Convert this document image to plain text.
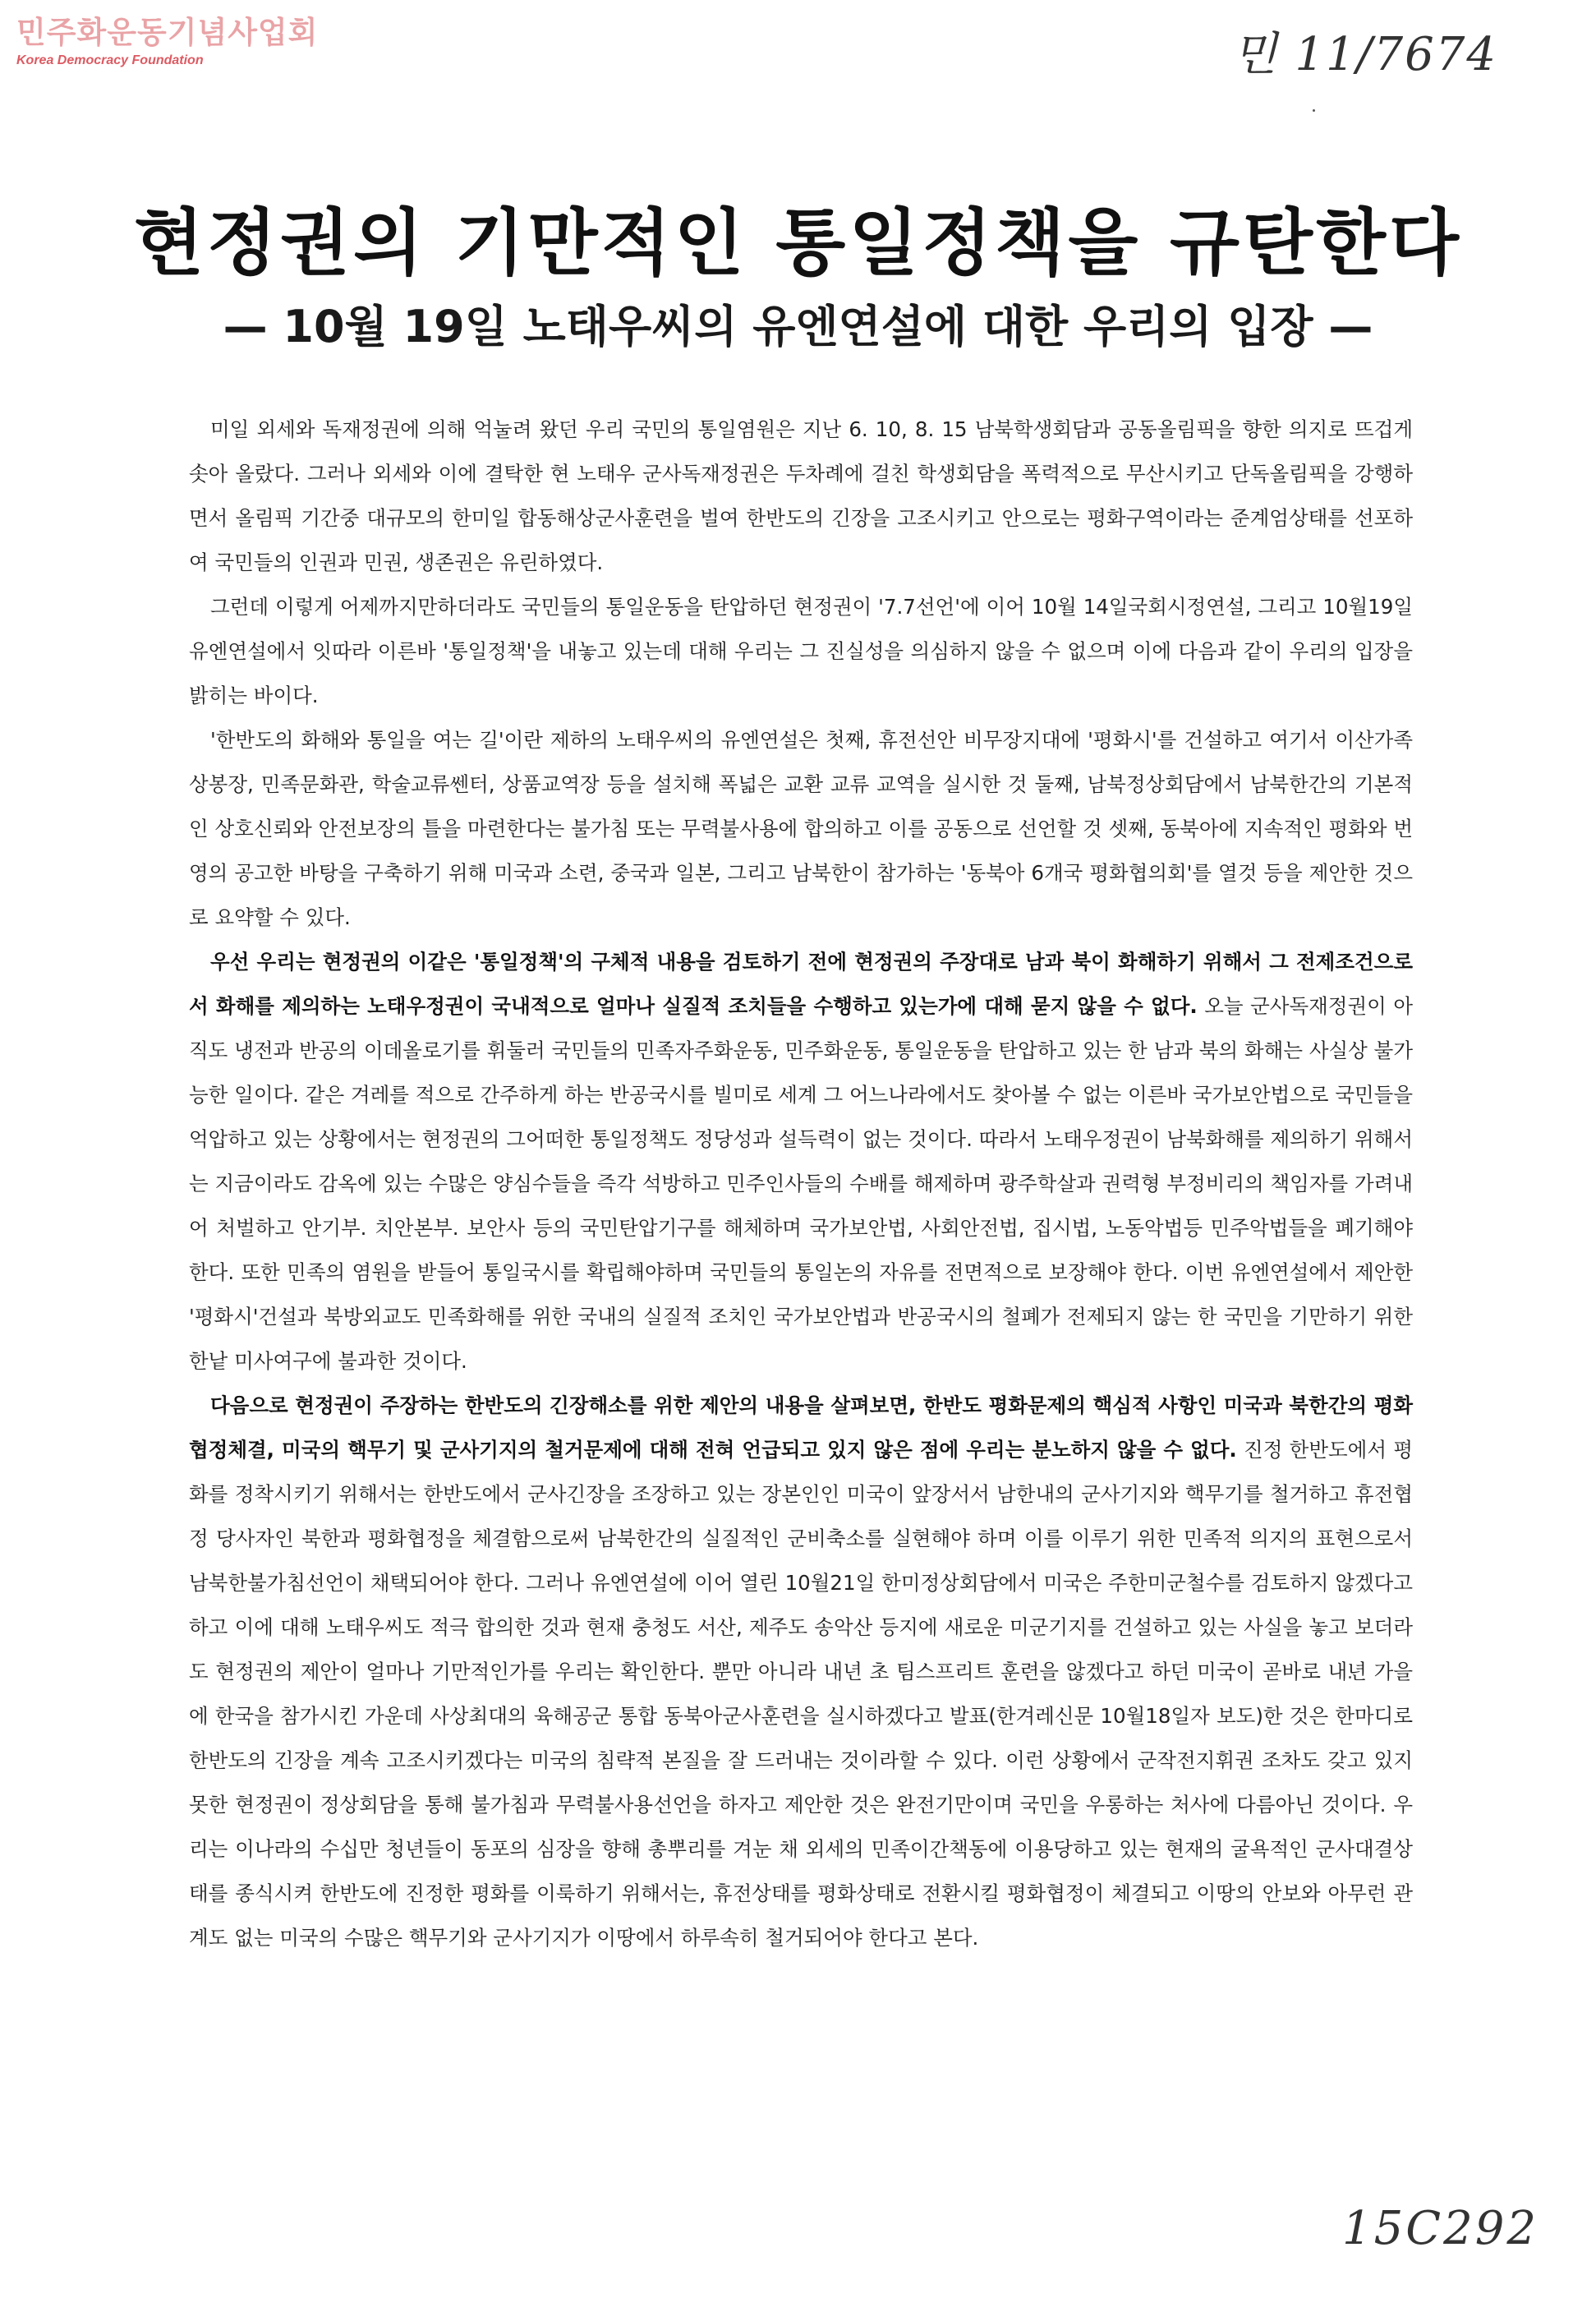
민주화운동기념사업회
Korea Democracy Foundation	민 11/7674
현정권의 기만적인 통일정책을 규탄한다
— 10월 19일 노태우씨의 유엔연설에 대한 우리의 입장 —

미일 외세와 독재정권에 의해 억눌려 왔던 우리 국민의 통일염원은 지난 6. 10, 8. 15 남북학생회담과 공동올림픽을 향한 의지로 뜨겁게 솟아 올랐다. 그러나 외세와 이에 결탁한 현 노태우 군사독재정권은 두차례에 걸친 학생회담을 폭력적으로 무산시키고 단독올림픽을 강행하면서 올림픽 기간중 대규모의 한미일 합동해상군사훈련을 벌여 한반도의 긴장을 고조시키고 안으로는 평화구역이라는 준계엄상태를 선포하여 국민들의 인권과 민권, 생존권은 유린하였다.

그런데 이렇게 어제까지만하더라도 국민들의 통일운동을 탄압하던 현정권이 '7.7선언'에 이어 10월 14일국회시정연설, 그리고 10월19일 유엔연설에서 잇따라 이른바 '통일정책'을 내놓고 있는데 대해 우리는 그 진실성을 의심하지 않을 수 없으며 이에 다음과 같이 우리의 입장을 밝히는 바이다.

'한반도의 화해와 통일을 여는 길'이란 제하의 노태우씨의 유엔연설은 첫째, 휴전선안 비무장지대에 '평화시'를 건설하고 여기서 이산가족 상봉장, 민족문화관, 학술교류쎈터, 상품교역장 등을 설치해 폭넓은 교환 교류 교역을 실시한 것 둘째, 남북정상회담에서 남북한간의 기본적인 상호신뢰와 안전보장의 틀을 마련한다는 불가침 또는 무력불사용에 합의하고 이를 공동으로 선언할 것 셋째, 동북아에 지속적인 평화와 번영의 공고한 바탕을 구축하기 위해 미국과 소련, 중국과 일본, 그리고 남북한이 참가하는 '동북아 6개국 평화협의회'를 열것 등을 제안한 것으로 요약할 수 있다.

우선 우리는 현정권의 이같은 '통일정책'의 구체적 내용을 검토하기 전에 현정권의 주장대로 남과 북이 화해하기 위해서 그 전제조건으로서 화해를 제의하는 노태우정권이 국내적으로 얼마나 실질적 조치들을 수행하고 있는가에 대해 묻지 않을 수 없다. 오늘 군사독재정권이 아직도 냉전과 반공의 이데올로기를 휘둘러 국민들의 민족자주화운동, 민주화운동, 통일운동을 탄압하고 있는 한 남과 북의 화해는 사실상 불가능한 일이다. 같은 겨레를 적으로 간주하게 하는 반공국시를 빌미로 세계 그 어느나라에서도 찾아볼 수 없는 이른바 국가보안법으로 국민들을 억압하고 있는 상황에서는 현정권의 그어떠한 통일정책도 정당성과 설득력이 없는 것이다. 따라서 노태우정권이 남북화해를 제의하기 위해서는 지금이라도 감옥에 있는 수많은 양심수들을 즉각 석방하고 민주인사들의 수배를 해제하며 광주학살과 권력형 부정비리의 책임자를 가려내어 처벌하고 안기부. 치안본부. 보안사 등의 국민탄압기구를 해체하며 국가보안법, 사회안전법, 집시법, 노동악법등 민주악법들을 폐기해야 한다. 또한 민족의 염원을 받들어 통일국시를 확립해야하며 국민들의 통일논의 자유를 전면적으로 보장해야 한다. 이번 유엔연설에서 제안한 '평화시'건설과 북방외교도 민족화해를 위한 국내의 실질적 조치인 국가보안법과 반공국시의 철폐가 전제되지 않는 한 국민을 기만하기 위한 한낱 미사여구에 불과한 것이다.

다음으로 현정권이 주장하는 한반도의 긴장해소를 위한 제안의 내용을 살펴보면, 한반도 평화문제의 핵심적 사항인 미국과 북한간의 평화협정체결, 미국의 핵무기 및 군사기지의 철거문제에 대해 전혀 언급되고 있지 않은 점에 우리는 분노하지 않을 수 없다. 진정 한반도에서 평화를 정착시키기 위해서는 한반도에서 군사긴장을 조장하고 있는 장본인인 미국이 앞장서서 남한내의 군사기지와 핵무기를 철거하고 휴전협정 당사자인 북한과 평화협정을 체결함으로써 남북한간의 실질적인 군비축소를 실현해야 하며 이를 이루기 위한 민족적 의지의 표현으로서 남북한불가침선언이 채택되어야 한다. 그러나 유엔연설에 이어 열린 10월21일 한미정상회담에서 미국은 주한미군철수를 검토하지 않겠다고 하고 이에 대해 노태우씨도 적극 합의한 것과 현재 충청도 서산, 제주도 송악산 등지에 새로운 미군기지를 건설하고 있는 사실을 놓고 보더라도 현정권의 제안이 얼마나 기만적인가를 우리는 확인한다. 뿐만 아니라 내년 초 팀스프리트 훈련을 않겠다고 하던 미국이 곧바로 내년 가을에 한국을 참가시킨 가운데 사상최대의 육해공군 통합 동북아군사훈련을 실시하겠다고 발표(한겨레신문 10월18일자 보도)한 것은 한마디로 한반도의 긴장을 계속 고조시키겠다는 미국의 침략적 본질을 잘 드러내는 것이라할 수 있다. 이런 상황에서 군작전지휘권 조차도 갖고 있지 못한 현정권이 정상회담을 통해 불가침과 무력불사용선언을 하자고 제안한 것은 완전기만이며 국민을 우롱하는 처사에 다름아닌 것이다. 우리는 이나라의 수십만 청년들이 동포의 심장을 향해 총뿌리를 겨눈 채 외세의 민족이간책동에 이용당하고 있는 현재의 굴욕적인 군사대결상태를 종식시켜 한반도에 진정한 평화를 이룩하기 위해서는, 휴전상태를 평화상태로 전환시킬 평화협정이 체결되고 이땅의 안보와 아무런 관계도 없는 미국의 수많은 핵무기와 군사기지가 이땅에서 하루속히 철거되어야 한다고 본다.

15C292
